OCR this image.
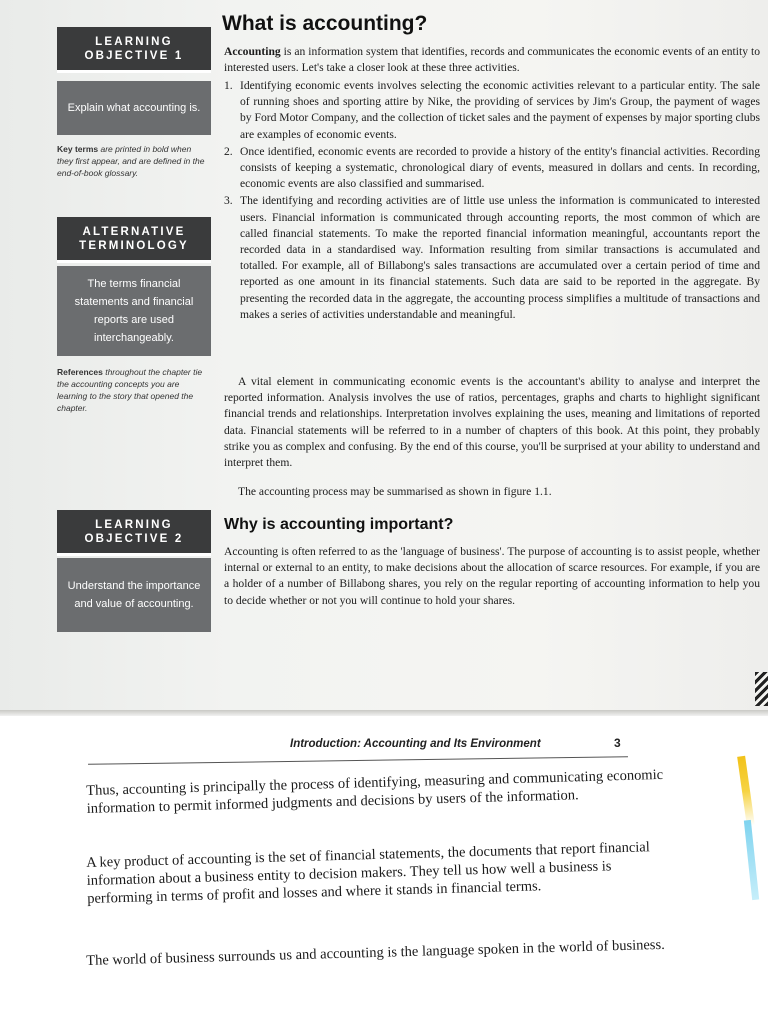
LEARNING OBJECTIVE 1
Explain what accounting is.
Key terms are printed in bold when they first appear, and are defined in the end-of-book glossary.
ALTERNATIVE TERMINOLOGY
The terms financial statements and financial reports are used interchangeably.
References throughout the chapter tie the accounting concepts you are learning to the story that opened the chapter.
LEARNING OBJECTIVE 2
Understand the importance and value of accounting.
What is accounting?
Accounting is an information system that identifies, records and communicates the economic events of an entity to interested users. Let's take a closer look at these three activities.
1. Identifying economic events involves selecting the economic activities relevant to a particular entity. The sale of running shoes and sporting attire by Nike, the providing of services by Jim's Group, the payment of wages by Ford Motor Company, and the collection of ticket sales and the payment of expenses by major sporting clubs are examples of economic events.
2. Once identified, economic events are recorded to provide a history of the entity's financial activities. Recording consists of keeping a systematic, chronological diary of events, measured in dollars and cents. In recording, economic events are also classified and summarised.
3. The identifying and recording activities are of little use unless the information is communicated to interested users. Financial information is communicated through accounting reports, the most common of which are called financial statements. To make the reported financial information meaningful, accountants report the recorded data in a standardised way. Information resulting from similar transactions is accumulated and totalled. For example, all of Billabong's sales transactions are accumulated over a certain period of time and reported as one amount in its financial statements. Such data are said to be reported in the aggregate. By presenting the recorded data in the aggregate, the accounting process simplifies a multitude of transactions and makes a series of activities understandable and meaningful.
A vital element in communicating economic events is the accountant's ability to analyse and interpret the reported information. Analysis involves the use of ratios, percentages, graphs and charts to highlight significant financial trends and relationships. Interpretation involves explaining the uses, meaning and limitations of reported data. Financial statements will be referred to in a number of chapters of this book. At this point, they probably strike you as complex and confusing. By the end of this course, you'll be surprised at your ability to understand and interpret them.
The accounting process may be summarised as shown in figure 1.1.
Why is accounting important?
Accounting is often referred to as the 'language of business'. The purpose of accounting is to assist people, whether internal or external to an entity, to make decisions about the allocation of scarce resources. For example, if you are a holder of a number of Billabong shares, you rely on the regular reporting of accounting information to help you to decide whether or not you will continue to hold your shares.
Introduction: Accounting and Its Environment	3
Thus, accounting is principally the process of identifying, measuring and communicating economic information to permit informed judgments and decisions by users of the information.
A key product of accounting is the set of financial statements, the documents that report financial information about a business entity to decision makers. They tell us how well a business is performing in terms of profit and losses and where it stands in financial terms.
The world of business surrounds us and accounting is the language spoken in the world of business.
